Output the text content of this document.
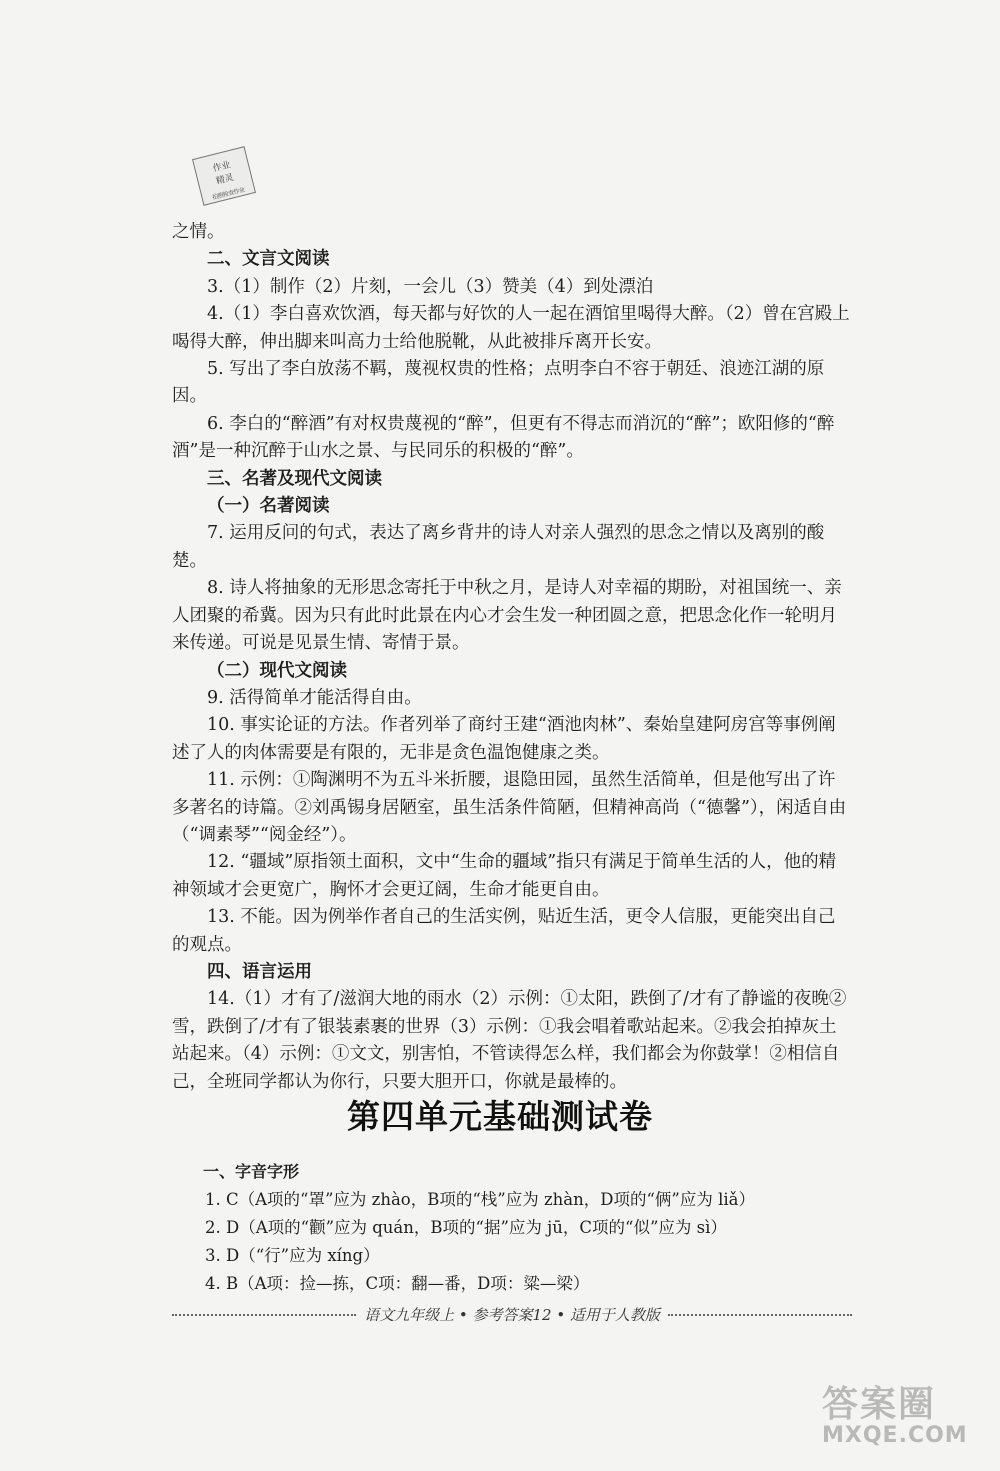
作业
精灵
拍照检查作业

之情。

二、文言文阅读

3.（1）制作（2）片刻，一会儿（3）赞美（4）到处漂泊

4.（1）李白喜欢饮酒，每天都与好饮的人一起在酒馆里喝得大醉。（2）曾在宫殿上喝得大醉，伸出脚来叫高力士给他脱靴，从此被排斥离开长安。

5. 写出了李白放荡不羁，蔑视权贵的性格；点明李白不容于朝廷、浪迹江湖的原因。

6. 李白的“醉酒”有对权贵蔑视的“醉”，但更有不得志而消沉的“醉”；欧阳修的“醉酒”是一种沉醉于山水之景、与民同乐的积极的“醉”。

三、名著及现代文阅读

（一）名著阅读

7. 运用反问的句式，表达了离乡背井的诗人对亲人强烈的思念之情以及离别的酸楚。

8. 诗人将抽象的无形思念寄托于中秋之月，是诗人对幸福的期盼，对祖国统一、亲人团聚的希冀。因为只有此时此景在内心才会生发一种团圆之意，把思念化作一轮明月来传递。可说是见景生情、寄情于景。

（二）现代文阅读

9. 活得简单才能活得自由。

10. 事实论证的方法。作者列举了商纣王建“酒池肉林”、秦始皇建阿房宫等事例阐述了人的肉体需要是有限的，无非是贪色温饱健康之类。

11. 示例：①陶渊明不为五斗米折腰，退隐田园，虽然生活简单，但是他写出了许多著名的诗篇。②刘禹锡身居陋室，虽生活条件简陋，但精神高尚（“德馨”），闲适自由（“调素琴”“阅金经”）。

12. “疆域”原指领土面积，文中“生命的疆域”指只有满足于简单生活的人，他的精神领域才会更宽广，胸怀才会更辽阔，生命才能更自由。

13. 不能。因为例举作者自己的生活实例，贴近生活，更令人信服，更能突出自己的观点。

四、语言运用

14.（1）才有了/滋润大地的雨水（2）示例：①太阳，跌倒了/才有了静谧的夜晚②雪，跌倒了/才有了银装素裹的世界（3）示例：①我会唱着歌站起来。②我会拍掉灰土站起来。（4）示例：①文文，别害怕，不管读得怎么样，我们都会为你鼓掌！②相信自己，全班同学都认为你行，只要大胆开口，你就是最棒的。

第四单元基础测试卷

一、字音字形

1. C（A项的“罩”应为 zhào，B项的“栈”应为 zhàn，D项的“俩”应为 liǎ）

2. D（A项的“颧”应为 quán，B项的“据”应为 jū，C项的“似”应为 sì）

3. D（“行”应为 xíng）

4. B（A项：捡—拣，C项：翻—番，D项：粱—梁）

语文九年级上 • 参考答案12 • 适用于人教版
答案圈
MXQE.COM
